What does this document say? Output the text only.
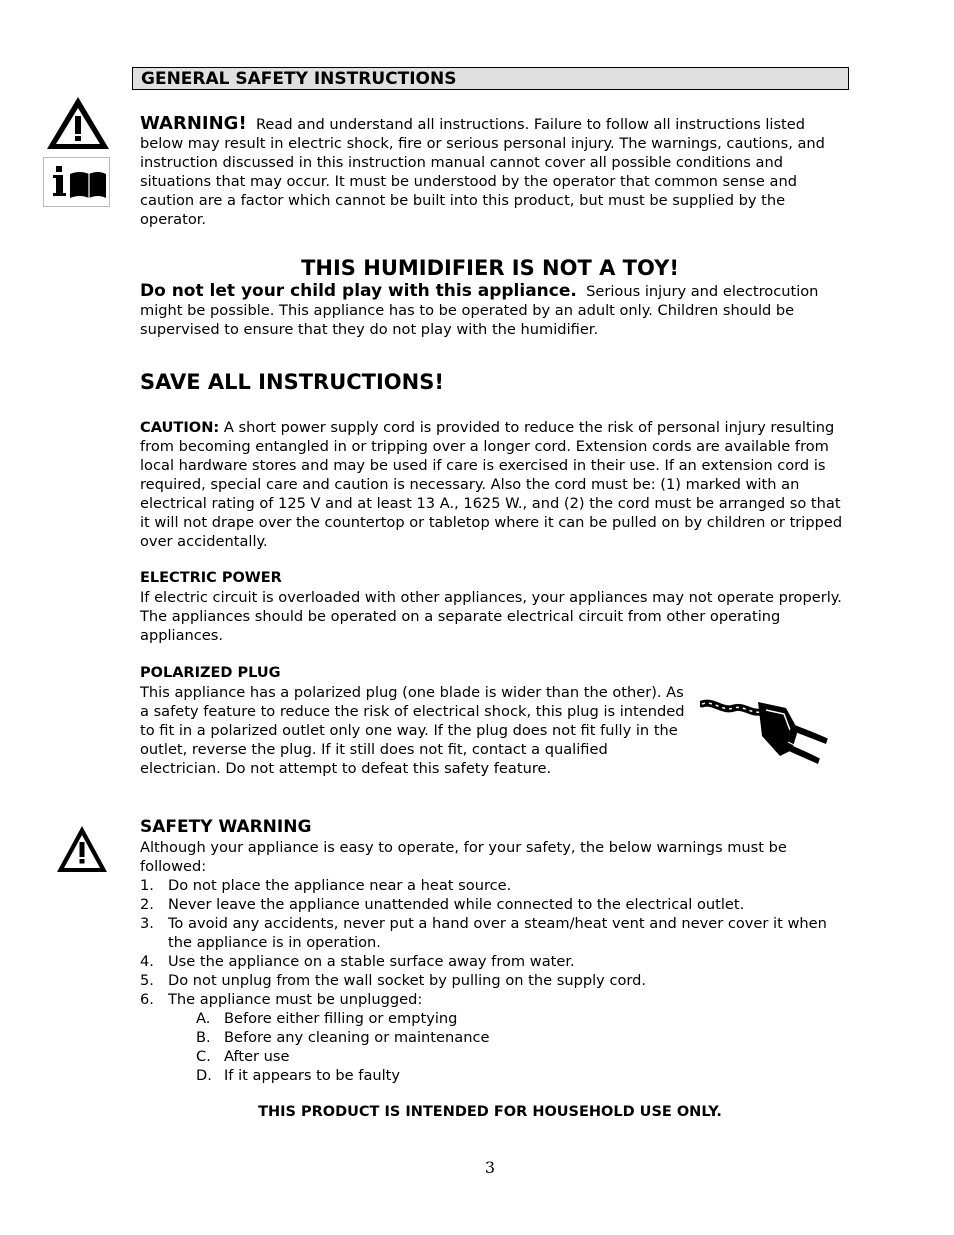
GENERAL SAFETY INSTRUCTIONS

WARNING! Read and understand all instructions. Failure to follow all instructions listed below may result in electric shock, fire or serious personal injury. The warnings, cautions, and instruction discussed in this instruction manual cannot cover all possible conditions and situations that may occur. It must be understood by the operator that common sense and caution are a factor which cannot be built into this product, but must be supplied by the operator.

THIS HUMIDIFIER IS NOT A TOY!

Do not let your child play with this appliance. Serious injury and electrocution might be possible. This appliance has to be operated by an adult only. Children should be supervised to ensure that they do not play with the humidifier.

SAVE ALL INSTRUCTIONS!

CAUTION: A short power supply cord is provided to reduce the risk of personal injury resulting from becoming entangled in or tripping over a longer cord. Extension cords are available from local hardware stores and may be used if care is exercised in their use. If an extension cord is required, special care and caution is necessary. Also the cord must be: (1) marked with an electrical rating of 125 V and at least 13 A., 1625 W., and (2) the cord must be arranged so that it will not drape over the countertop or tabletop where it can be pulled on by children or tripped over accidentally.

ELECTRIC POWER

If electric circuit is overloaded with other appliances, your appliances may not operate properly. The appliances should be operated on a separate electrical circuit from other operating appliances.

POLARIZED PLUG

This appliance has a polarized plug (one blade is wider than the other). As a safety feature to reduce the risk of electrical shock, this plug is intended to fit in a polarized outlet only one way. If the plug does not fit fully in the outlet, reverse the plug. If it still does not fit, contact a qualified electrician. Do not attempt to defeat this safety feature.

SAFETY WARNING

Although your appliance is easy to operate, for your safety, the below warnings must be followed:

1. Do not place the appliance near a heat source.
2. Never leave the appliance unattended while connected to the electrical outlet.
3. To avoid any accidents, never put a hand over a steam/heat vent and never cover it when the appliance is in operation.
4. Use the appliance on a stable surface away from water.
5. Do not unplug from the wall socket by pulling on the supply cord.
6. The appliance must be unplugged:
A. Before either filling or emptying
B. Before any cleaning or maintenance
C. After use
D. If it appears to be faulty
THIS PRODUCT IS INTENDED FOR HOUSEHOLD USE ONLY.
3
